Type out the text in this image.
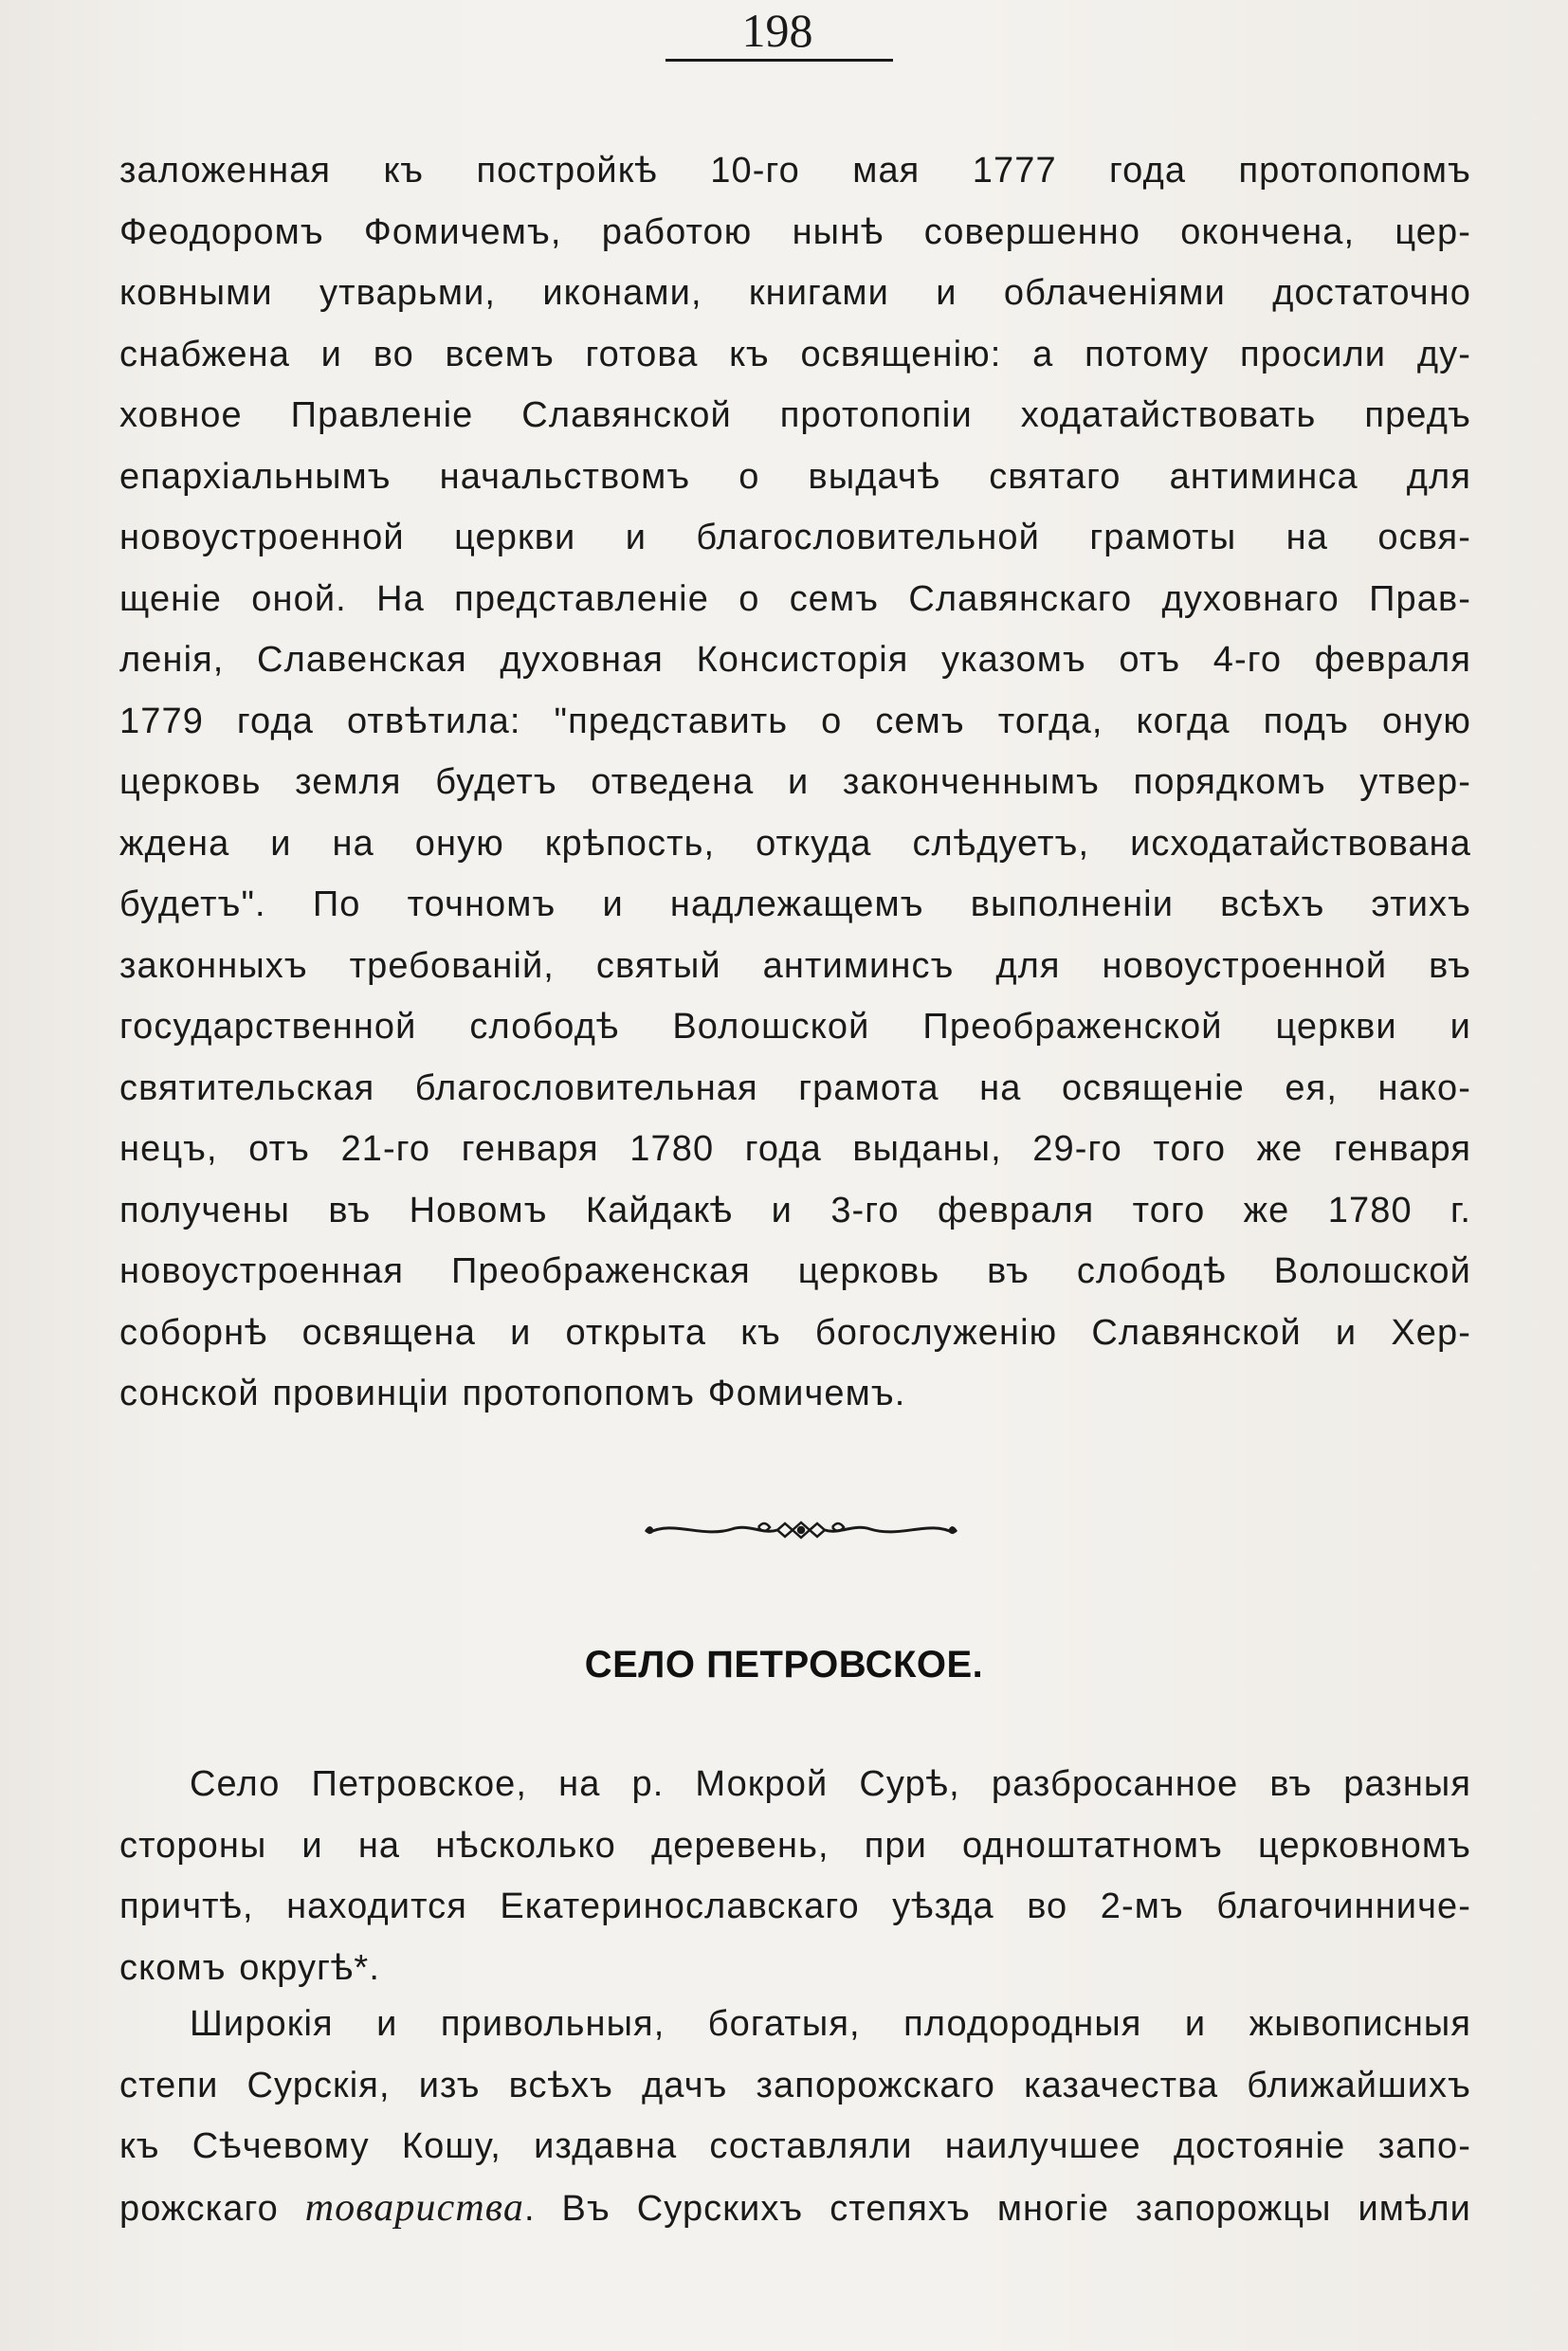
198
заложенная къ постройкѣ 10-го мая 1777 года протопопомъ
Феодоромъ Фомичемъ, работою нынѣ совершенно окончена, цер-
ковными утварьми, иконами, книгами и облаченіями достаточно
снабжена и во всемъ готова къ освященію: а потому просили ду-
ховное Правленіе Славянской протопопіи ходатайствовать предъ
епархіальнымъ начальствомъ о выдачѣ святаго антиминса для
новоустроенной церкви и благословительной грамоты на освя-
щеніе оной. На представленіе о семъ Славянскаго духовнаго Прав-
ленія, Славенская духовная Консисторія указомъ отъ 4-го февраля
1779 года отвѣтила: "представить о семъ тогда, когда подъ оную
церковь земля будетъ отведена и законченнымъ порядкомъ утвер-
ждена и на оную крѣпость, откуда слѣдуетъ, исходатайствована
будетъ". По точномъ и надлежащемъ выполненіи всѣхъ этихъ
законныхъ требованій, святый антиминсъ для новоустроенной въ
государственной слободѣ Волошской Преображенской церкви и
святительская благословительная грамота на освященіе ея, нако-
нецъ, отъ 21-го генваря 1780 года выданы, 29-го того же генваря
получены въ Новомъ Кайдакѣ и 3-го февраля того же 1780 г.
новоустроенная Преображенская церковь въ слободѣ Волошской
соборнѣ освящена и открыта къ богослуженію Славянской и Хер-
сонской провинціи протопопомъ Фомичемъ.
СЕЛО ПЕТРОВСКОЕ.
Село Петровское, на р. Мокрой Сурѣ, разбросанное въ разныя
стороны и на нѣсколько деревень, при одноштатномъ церковномъ
причтѣ, находится Екатеринославскаго уѣзда во 2-мъ благочинниче-
скомъ округѣ*.
Широкія и привольныя, богатыя, плодородныя и жывописныя
степи Сурскія, изъ всѣхъ дачъ запорожскаго казачества ближайшихъ
къ Сѣчевому Кошу, издавна составляли наилучшее достояніе запо-
рожскаго товариства. Въ Сурскихъ степяхъ многіе запорожцы имѣли
